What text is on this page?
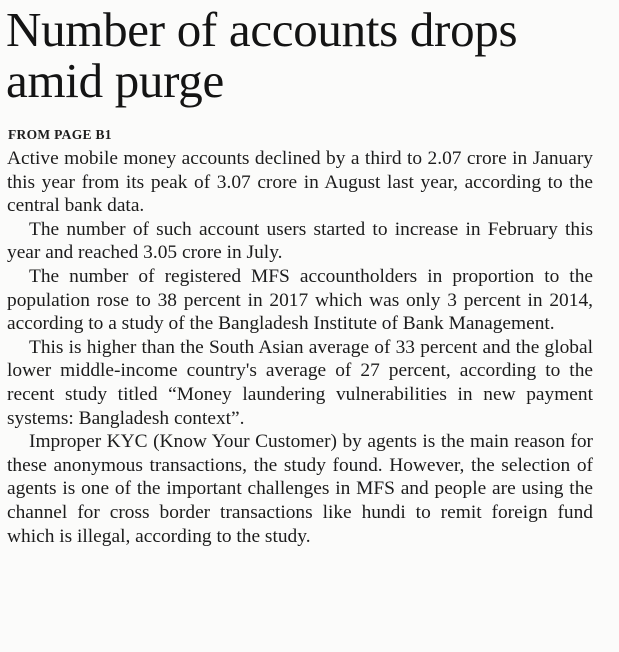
Number of accounts drops amid purge

FROM PAGE B1

Active mobile money accounts declined by a third to 2.07 crore in January this year from its peak of 3.07 crore in August last year, according to the central bank data.

The number of such account users started to increase in February this year and reached 3.05 crore in July.

The number of registered MFS accountholders in proportion to the population rose to 38 percent in 2017 which was only 3 percent in 2014, according to a study of the Bangladesh Institute of Bank Management.

This is higher than the South Asian average of 33 percent and the global lower middle-income country's average of 27 percent, according to the recent study titled “Money laundering vulnerabilities in new payment systems: Bangladesh context”.

Improper KYC (Know Your Customer) by agents is the main reason for these anonymous transactions, the study found. However, the selection of agents is one of the important challenges in MFS and people are using the channel for cross border transactions like hundi to remit foreign fund which is illegal, according to the study.
